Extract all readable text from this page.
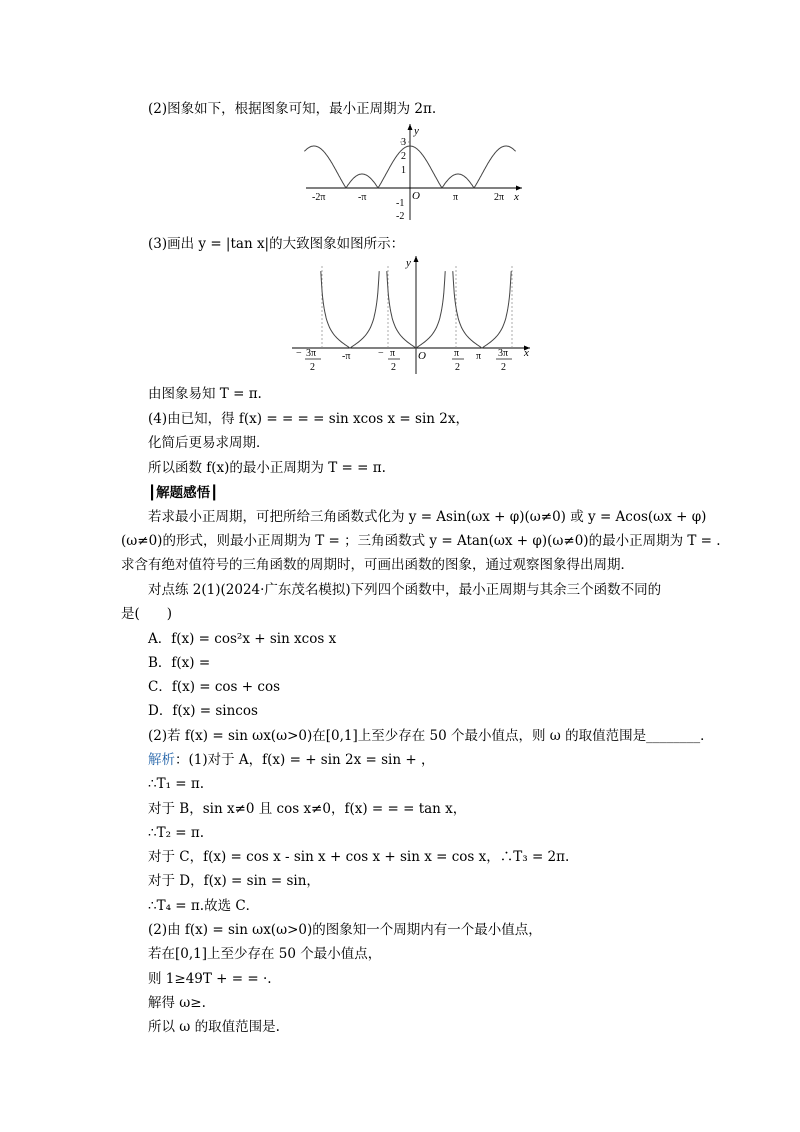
(2)图象如下，根据图象可知，最小正周期为 2π.
y
x
O
3
2
1
-1
-2
-2π	-π	π	2π
(3)画出 y = |tan x|的大致图象如图所示：
y
x
O
-π	π
− 3π
2
− π
2
π
2
3π
2
由图象易知 T = π.
(4)由已知，得 f(x) = = = = sin xcos x = sin 2x，
化简后更易求周期．
所以函数 f(x)的最小正周期为 T = = π.
┃解题感悟┃
若求最小正周期，可把所给三角函数式化为 y = Asin(ωx + φ)(ω≠0) 或 y = Acos(ωx + φ)
(ω≠0)的形式，则最小正周期为 T = ；三角函数式 y = Atan(ωx + φ)(ω≠0)的最小正周期为 T = .
求含有绝对值符号的三角函数的周期时，可画出函数的图象，通过观察图象得出周期．
对点练 2(1)(2024·广东茂名模拟)下列四个函数中，最小正周期与其余三个函数不同的
是(　　)
A．f(x) = cos²x + sin xcos x
B．f(x) =
C．f(x) = cos + cos
D．f(x) = sincos
(2)若 f(x) = sin ωx(ω>0)在[0,1]上至少存在 50 个最小值点，则 ω 的取值范围是________．
解析：(1)对于 A，f(x) = + sin 2x = sin + ，
∴T₁ = π.
对于 B，sin x≠0 且 cos x≠0，f(x) = = = tan x，
∴T₂ = π.
对于 C，f(x) = cos x - sin x + cos x + sin x = cos x，∴T₃ = 2π.
对于 D，f(x) = sin = sin，
∴T₄ = π.故选 C．
(2)由 f(x) = sin ωx(ω>0)的图象知一个周期内有一个最小值点，
若在[0,1]上至少存在 50 个最小值点，
则 1≥49T + = = ·.
解得 ω≥.
所以 ω 的取值范围是.
